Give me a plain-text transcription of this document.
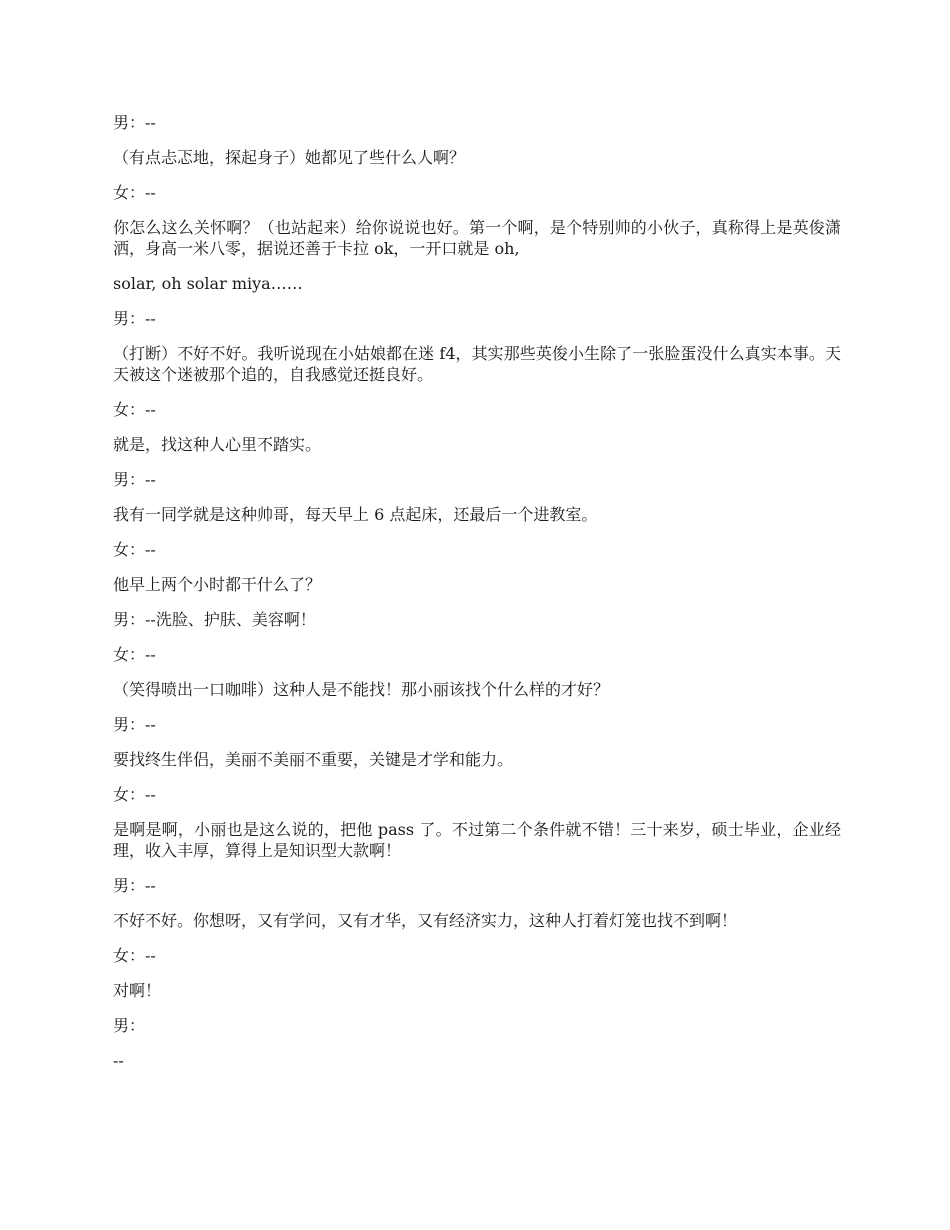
男：--

（有点忐忑地，探起身子）她都见了些什么人啊？

女：--

你怎么这么关怀啊？（也站起来）给你说说也好。第一个啊，是个特别帅的小伙子，真称得上是英俊潇洒，身高一米八零，据说还善于卡拉 ok，一开口就是 oh,

solar, oh solar miya……

男：--

（打断）不好不好。我听说现在小姑娘都在迷 f4，其实那些英俊小生除了一张脸蛋没什么真实本事。天天被这个迷被那个追的，自我感觉还挺良好。

女：--

就是，找这种人心里不踏实。

男：--

我有一同学就是这种帅哥，每天早上 6 点起床，还最后一个进教室。

女：--

他早上两个小时都干什么了？

男：--洗脸、护肤、美容啊！

女：--

（笑得喷出一口咖啡）这种人是不能找！那小丽该找个什么样的才好？

男：--

要找终生伴侣，美丽不美丽不重要，关键是才学和能力。

女：--

是啊是啊，小丽也是这么说的，把他 pass 了。不过第二个条件就不错！三十来岁，硕士毕业，企业经理，收入丰厚，算得上是知识型大款啊！

男：--

不好不好。你想呀，又有学问，又有才华，又有经济实力，这种人打着灯笼也找不到啊！

女：--

对啊！

男：

--
